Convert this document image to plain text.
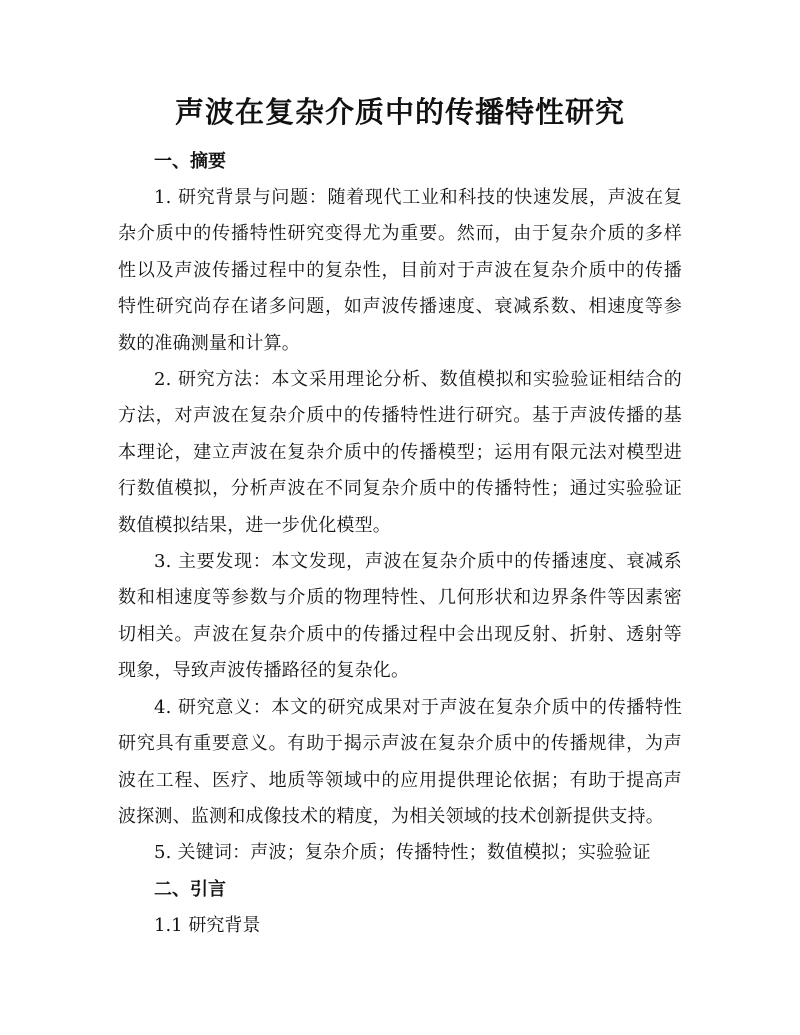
声波在复杂介质中的传播特性研究

一、摘要

1. 研究背景与问题：随着现代工业和科技的快速发展，声波在复杂介质中的传播特性研究变得尤为重要。然而，由于复杂介质的多样性以及声波传播过程中的复杂性，目前对于声波在复杂介质中的传播特性研究尚存在诸多问题，如声波传播速度、衰减系数、相速度等参数的准确测量和计算。

2. 研究方法：本文采用理论分析、数值模拟和实验验证相结合的方法，对声波在复杂介质中的传播特性进行研究。基于声波传播的基本理论，建立声波在复杂介质中的传播模型；运用有限元法对模型进行数值模拟，分析声波在不同复杂介质中的传播特性；通过实验验证数值模拟结果，进一步优化模型。

3. 主要发现：本文发现，声波在复杂介质中的传播速度、衰减系数和相速度等参数与介质的物理特性、几何形状和边界条件等因素密切相关。声波在复杂介质中的传播过程中会出现反射、折射、透射等现象，导致声波传播路径的复杂化。

4. 研究意义：本文的研究成果对于声波在复杂介质中的传播特性研究具有重要意义。有助于揭示声波在复杂介质中的传播规律，为声波在工程、医疗、地质等领域中的应用提供理论依据；有助于提高声波探测、监测和成像技术的精度，为相关领域的技术创新提供支持。

5. 关键词：声波；复杂介质；传播特性；数值模拟；实验验证

二、引言

1.1 研究背景
